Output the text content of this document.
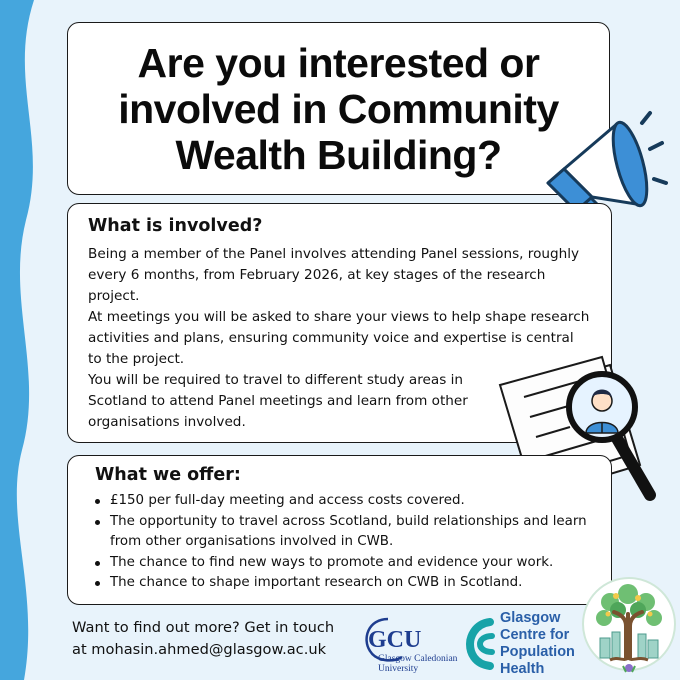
Are you interested or
involved in Community
Wealth Building?
What is involved?

Being a member of the Panel involves attending Panel sessions, roughly every 6 months, from February 2026, at key stages of the research project.

At meetings you will be asked to share your views to help shape research activities and plans, ensuring community voice and expertise is central to the project.

You will be required to travel to different study areas in Scotland to attend Panel meetings and learn from other organisations involved.

What we offer:
£150 per full-day meeting and access costs covered.
The opportunity to travel across Scotland, build relationships and learn from other organisations involved in CWB.
The chance to find new ways to promote and evidence your work.
The chance to shape important research on CWB in Scotland.
Want to find out more? Get in touch
at mohasin.ahmed@glasgow.ac.uk	GCU
Glasgow Caledonian
University
Glasgow
Centre for
Population
Health
